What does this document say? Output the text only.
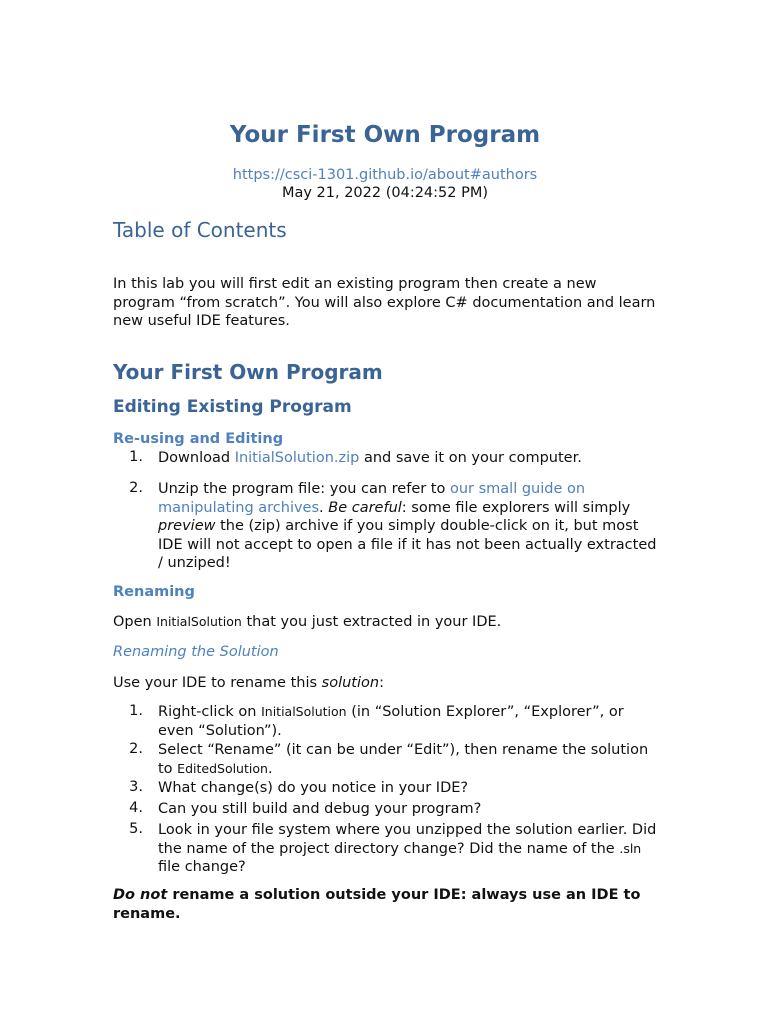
Your First Own Program
https://csci-1301.github.io/about#authors
May 21, 2022 (04:24:52 PM)
Table of Contents

In this lab you will first edit an existing program then create a new program “from scratch”. You will also explore C# documentation and learn new useful IDE features.

Your First Own Program
Editing Existing Program
Re-using and Editing
1. Download InitialSolution.zip and save it on your computer.
2. Unzip the program file: you can refer to our small guide on manipulating archives. Be careful: some file explorers will simply preview the (zip) archive if you simply double-click on it, but most IDE will not accept to open a file if it has not been actually extracted / unziped!
Renaming

Open InitialSolution that you just extracted in your IDE.

Renaming the Solution

Use your IDE to rename this solution:

1. Right-click on InitialSolution (in “Solution Explorer”, “Explorer”, or even “Solution”).
2. Select “Rename” (it can be under “Edit”), then rename the solution to EditedSolution.
3. What change(s) do you notice in your IDE?
4. Can you still build and debug your program?
5. Look in your file system where you unzipped the solution earlier. Did the name of the project directory change? Did the name of the .sln file change?

Do not rename a solution outside your IDE: always use an IDE to rename.
